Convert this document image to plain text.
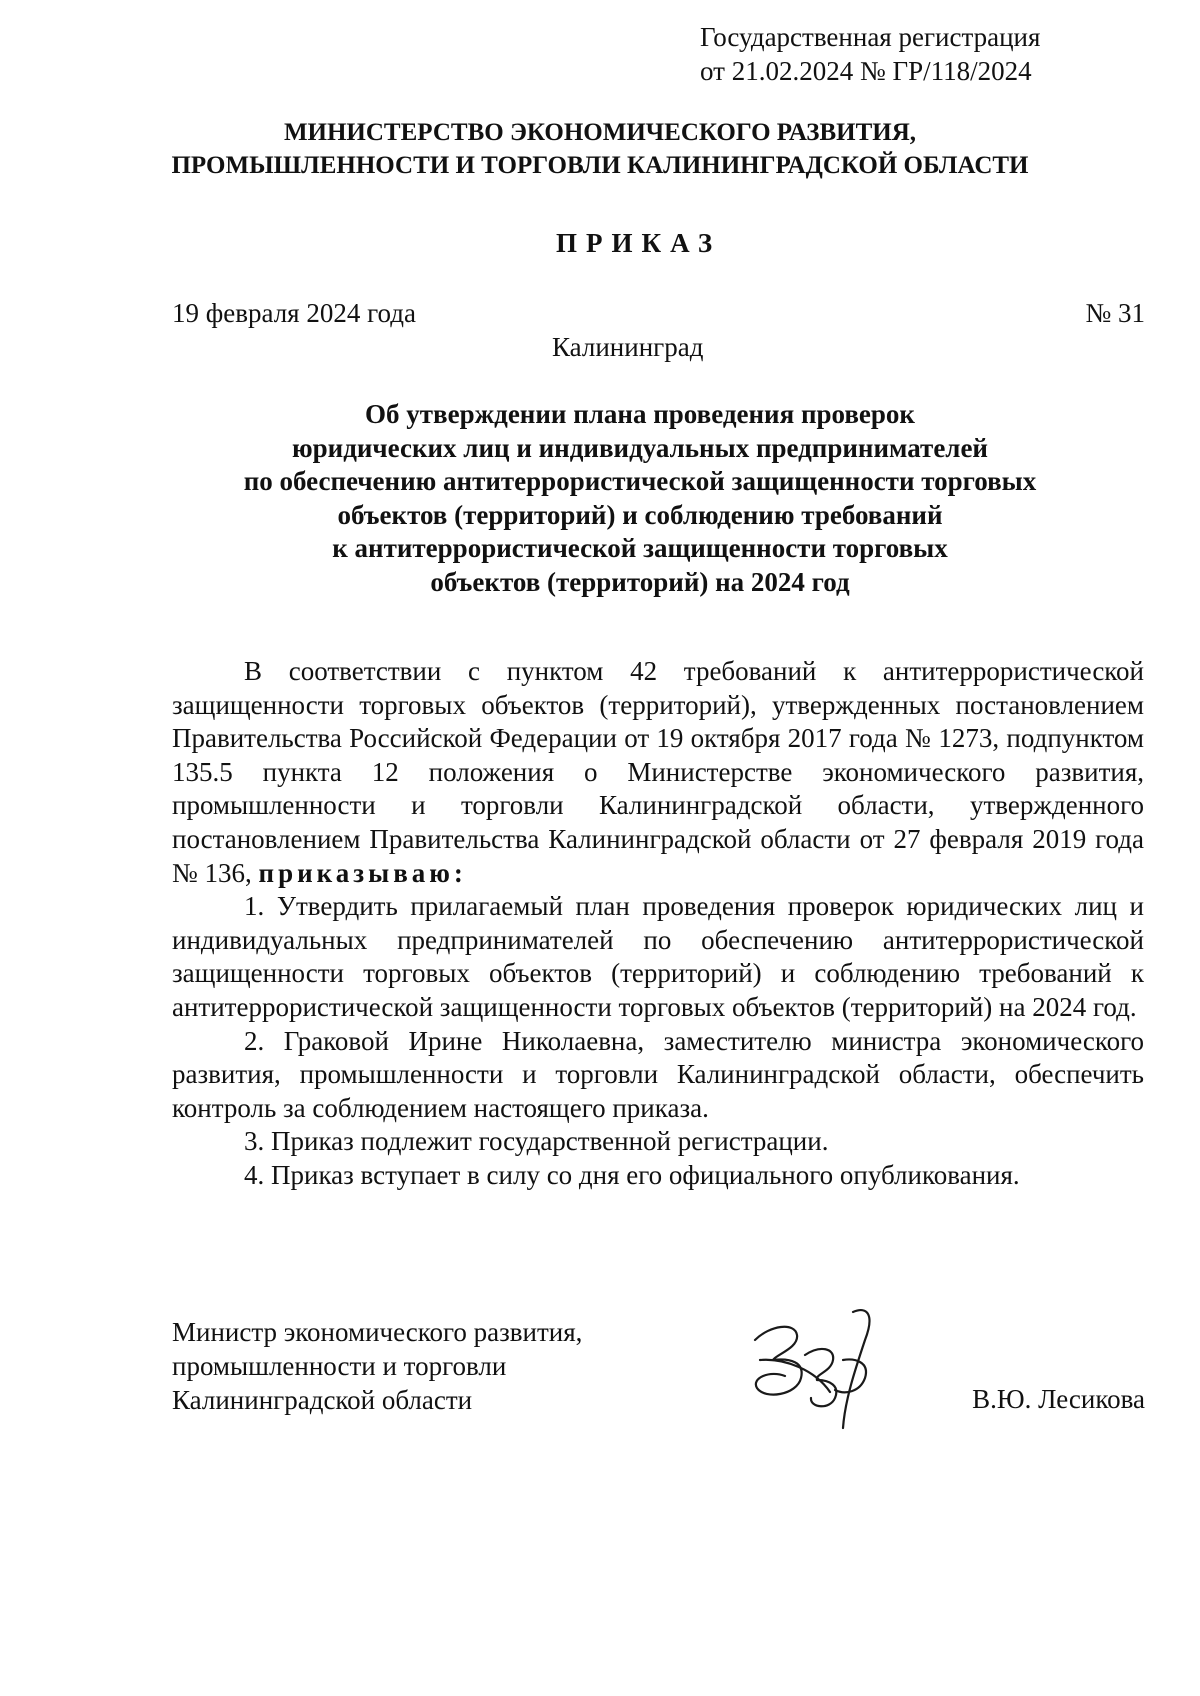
Государственная регистрация
от 21.02.2024 № ГР/118/2024
МИНИСТЕРСТВО ЭКОНОМИЧЕСКОГО РАЗВИТИЯ,
ПРОМЫШЛЕННОСТИ И ТОРГОВЛИ КАЛИНИНГРАДСКОЙ ОБЛАСТИ
ПРИКАЗ
19 февраля 2024 года	№ 31
Калининград
Об утверждении плана проведения проверок
юридических лиц и индивидуальных предпринимателей
по обеспечению антитеррористической защищенности торговых
объектов (территорий) и соблюдению требований
к антитеррористической защищенности торговых
объектов (территорий) на 2024 год

В соответствии с пунктом 42 требований к антитеррористической защищенности торговых объектов (территорий), утвержденных постановлением Правительства Российской Федерации от 19 октября 2017 года № 1273, подпунктом 135.5 пункта 12 положения о Министерстве экономического развития, промышленности и торговли Калининградской области, утвержденного постановлением Правительства Калининградской области от 27 февраля 2019 года № 136, приказываю:

1. Утвердить прилагаемый план проведения проверок юридических лиц и индивидуальных предпринимателей по обеспечению антитеррористической защищенности торговых объектов (территорий) и соблюдению требований к антитеррористической защищенности торговых объектов (территорий) на 2024 год.

2. Граковой Ирине Николаевна, заместителю министра экономического развития, промышленности и торговли Калининградской области, обеспечить контроль за соблюдением настоящего приказа.

3. Приказ подлежит государственной регистрации.

4. Приказ вступает в силу со дня его официального опубликования.

Министр экономического развития,
промышленности и торговли
Калининградской области	В.Ю. Лесикова
